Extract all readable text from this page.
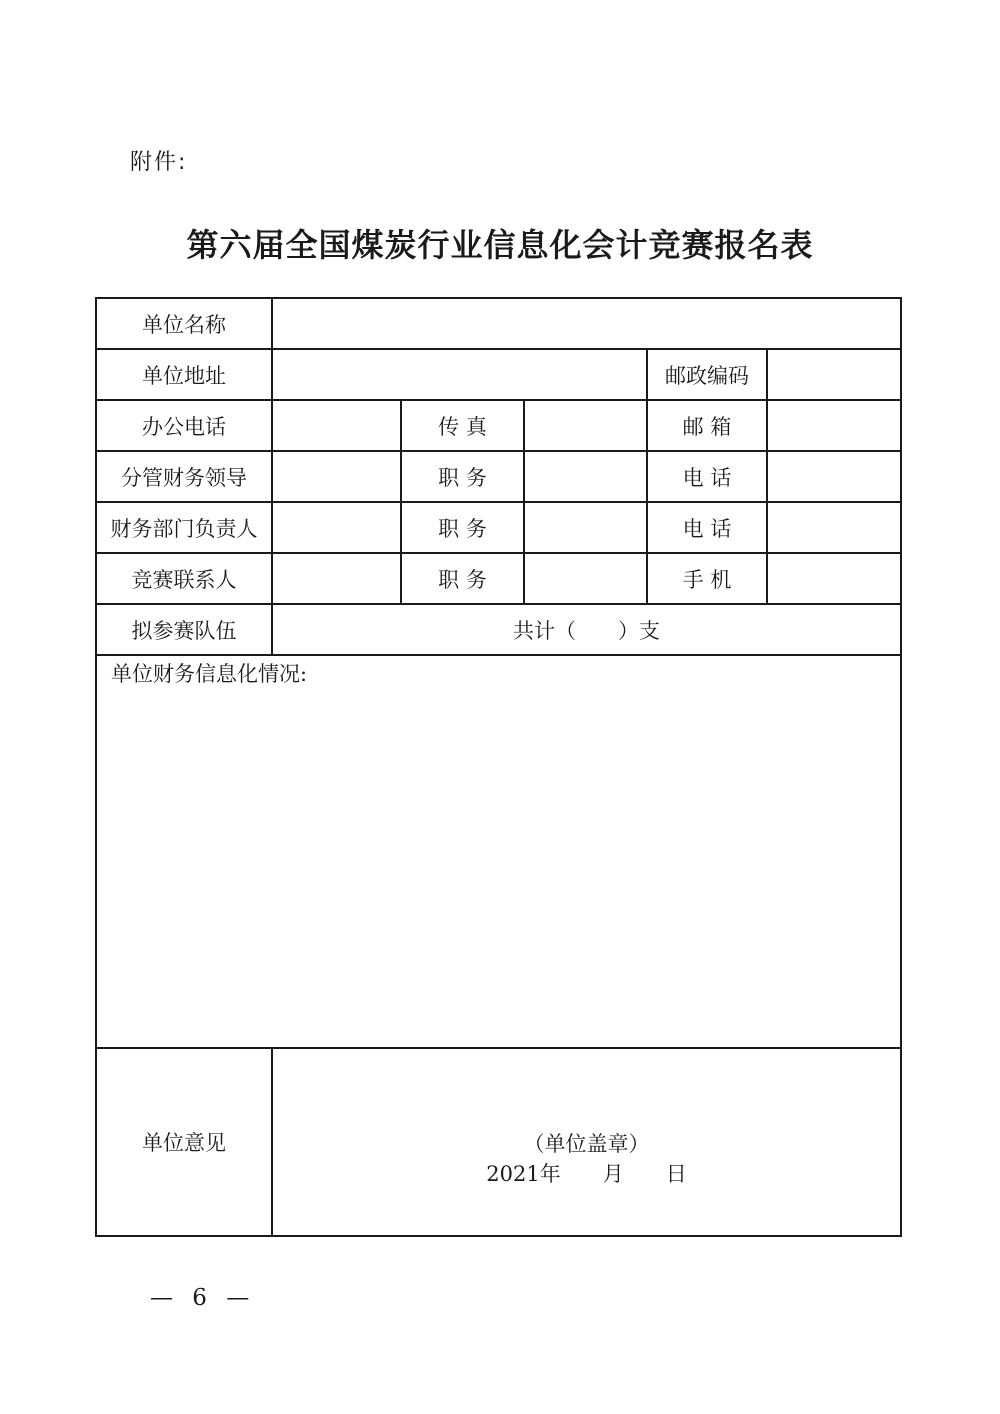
附件:
第六届全国煤炭行业信息化会计竞赛报名表
单位名称					
单位地址				邮政编码	
办公电话		传 真		邮 箱	
分管财务领导		职 务		电 话	
财务部门负责人		职 务		电 话	
竞赛联系人		职 务		手 机	
拟参赛队伍	共计（　　）支				
单位财务信息化情况:					
单位意见	（单位盖章）
2021年　　月　　日				
— 6 —
